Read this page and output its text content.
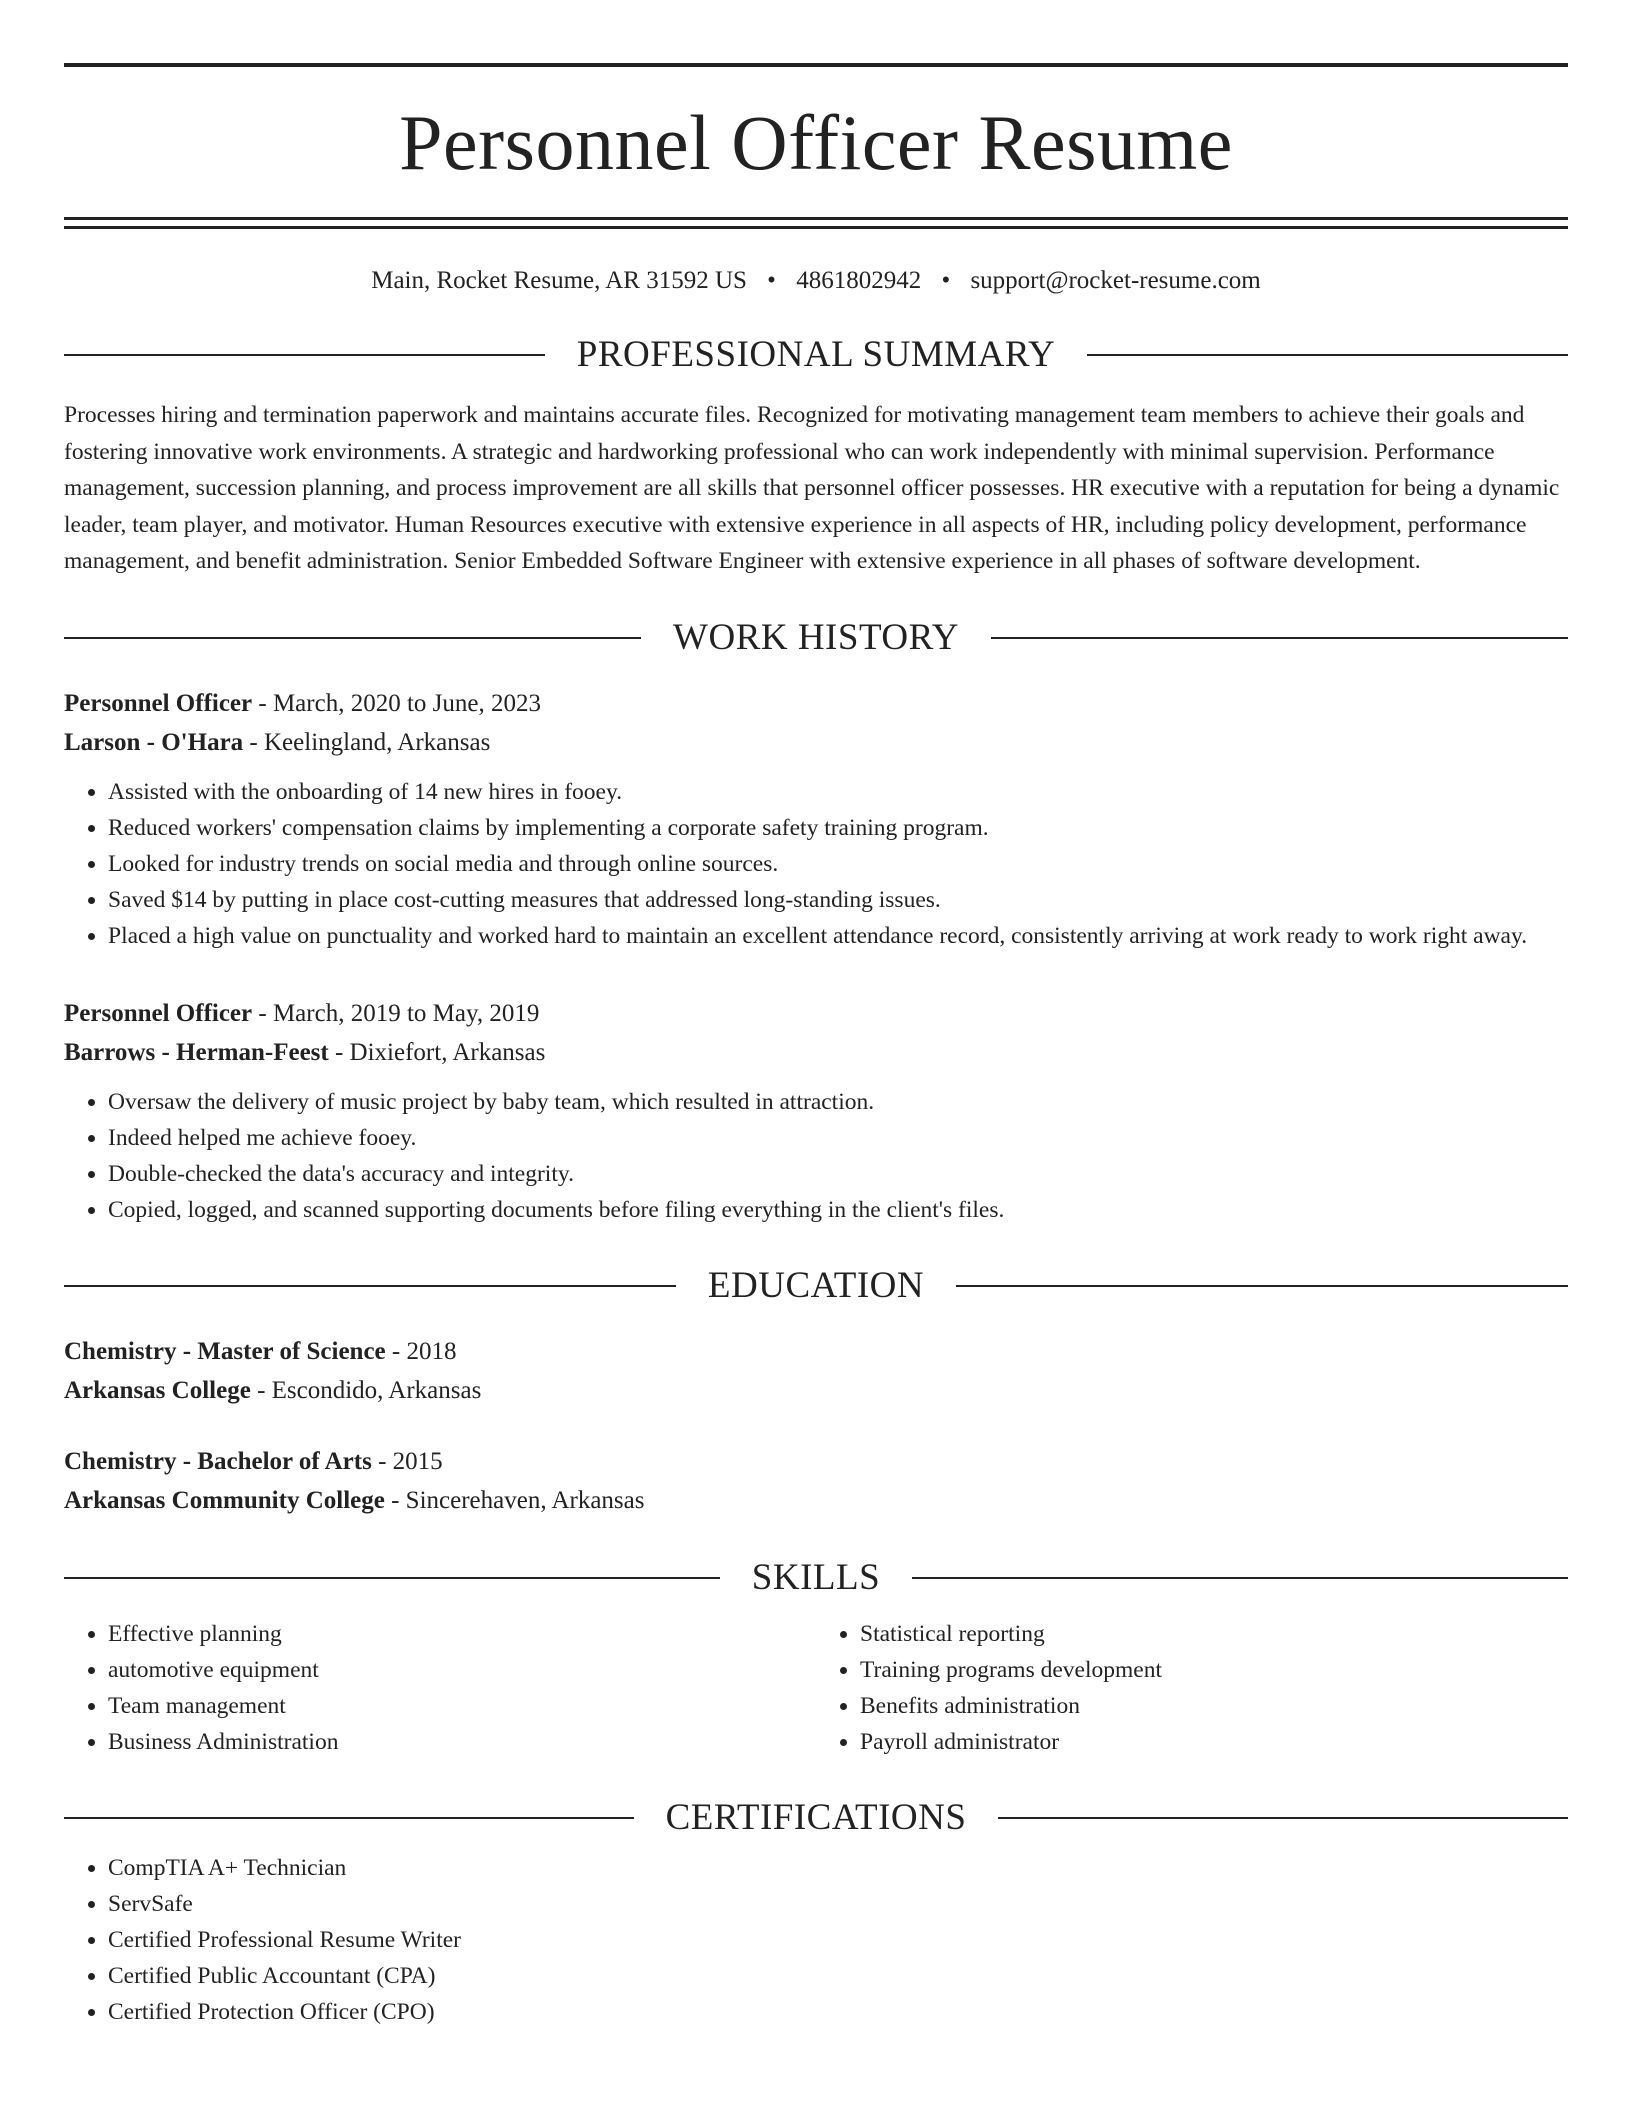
Personnel Officer Resume
Main, Rocket Resume, AR 31592 US • 4861802942 • support@rocket-resume.com
PROFESSIONAL SUMMARY
Processes hiring and termination paperwork and maintains accurate files. Recognized for motivating management team members to achieve their goals and fostering innovative work environments. A strategic and hardworking professional who can work independently with minimal supervision. Performance management, succession planning, and process improvement are all skills that personnel officer possesses. HR executive with a reputation for being a dynamic leader, team player, and motivator. Human Resources executive with extensive experience in all aspects of HR, including policy development, performance management, and benefit administration. Senior Embedded Software Engineer with extensive experience in all phases of software development.
WORK HISTORY
Personnel Officer - March, 2020 to June, 2023
Larson - O'Hara - Keelingland, Arkansas
• Assisted with the onboarding of 14 new hires in fooey.
• Reduced workers' compensation claims by implementing a corporate safety training program.
• Looked for industry trends on social media and through online sources.
• Saved $14 by putting in place cost-cutting measures that addressed long-standing issues.
• Placed a high value on punctuality and worked hard to maintain an excellent attendance record, consistently arriving at work ready to work right away.
Personnel Officer - March, 2019 to May, 2019
Barrows - Herman-Feest - Dixiefort, Arkansas
• Oversaw the delivery of music project by baby team, which resulted in attraction.
• Indeed helped me achieve fooey.
• Double-checked the data's accuracy and integrity.
• Copied, logged, and scanned supporting documents before filing everything in the client's files.
EDUCATION
Chemistry - Master of Science - 2018
Arkansas College - Escondido, Arkansas
Chemistry - Bachelor of Arts - 2015
Arkansas Community College - Sincerehaven, Arkansas
SKILLS
• Effective planning
• automotive equipment
• Team management
• Business Administration
• Statistical reporting
• Training programs development
• Benefits administration
• Payroll administrator
CERTIFICATIONS
• CompTIA A+ Technician
• ServSafe
• Certified Professional Resume Writer
• Certified Public Accountant (CPA)
• Certified Protection Officer (CPO)
